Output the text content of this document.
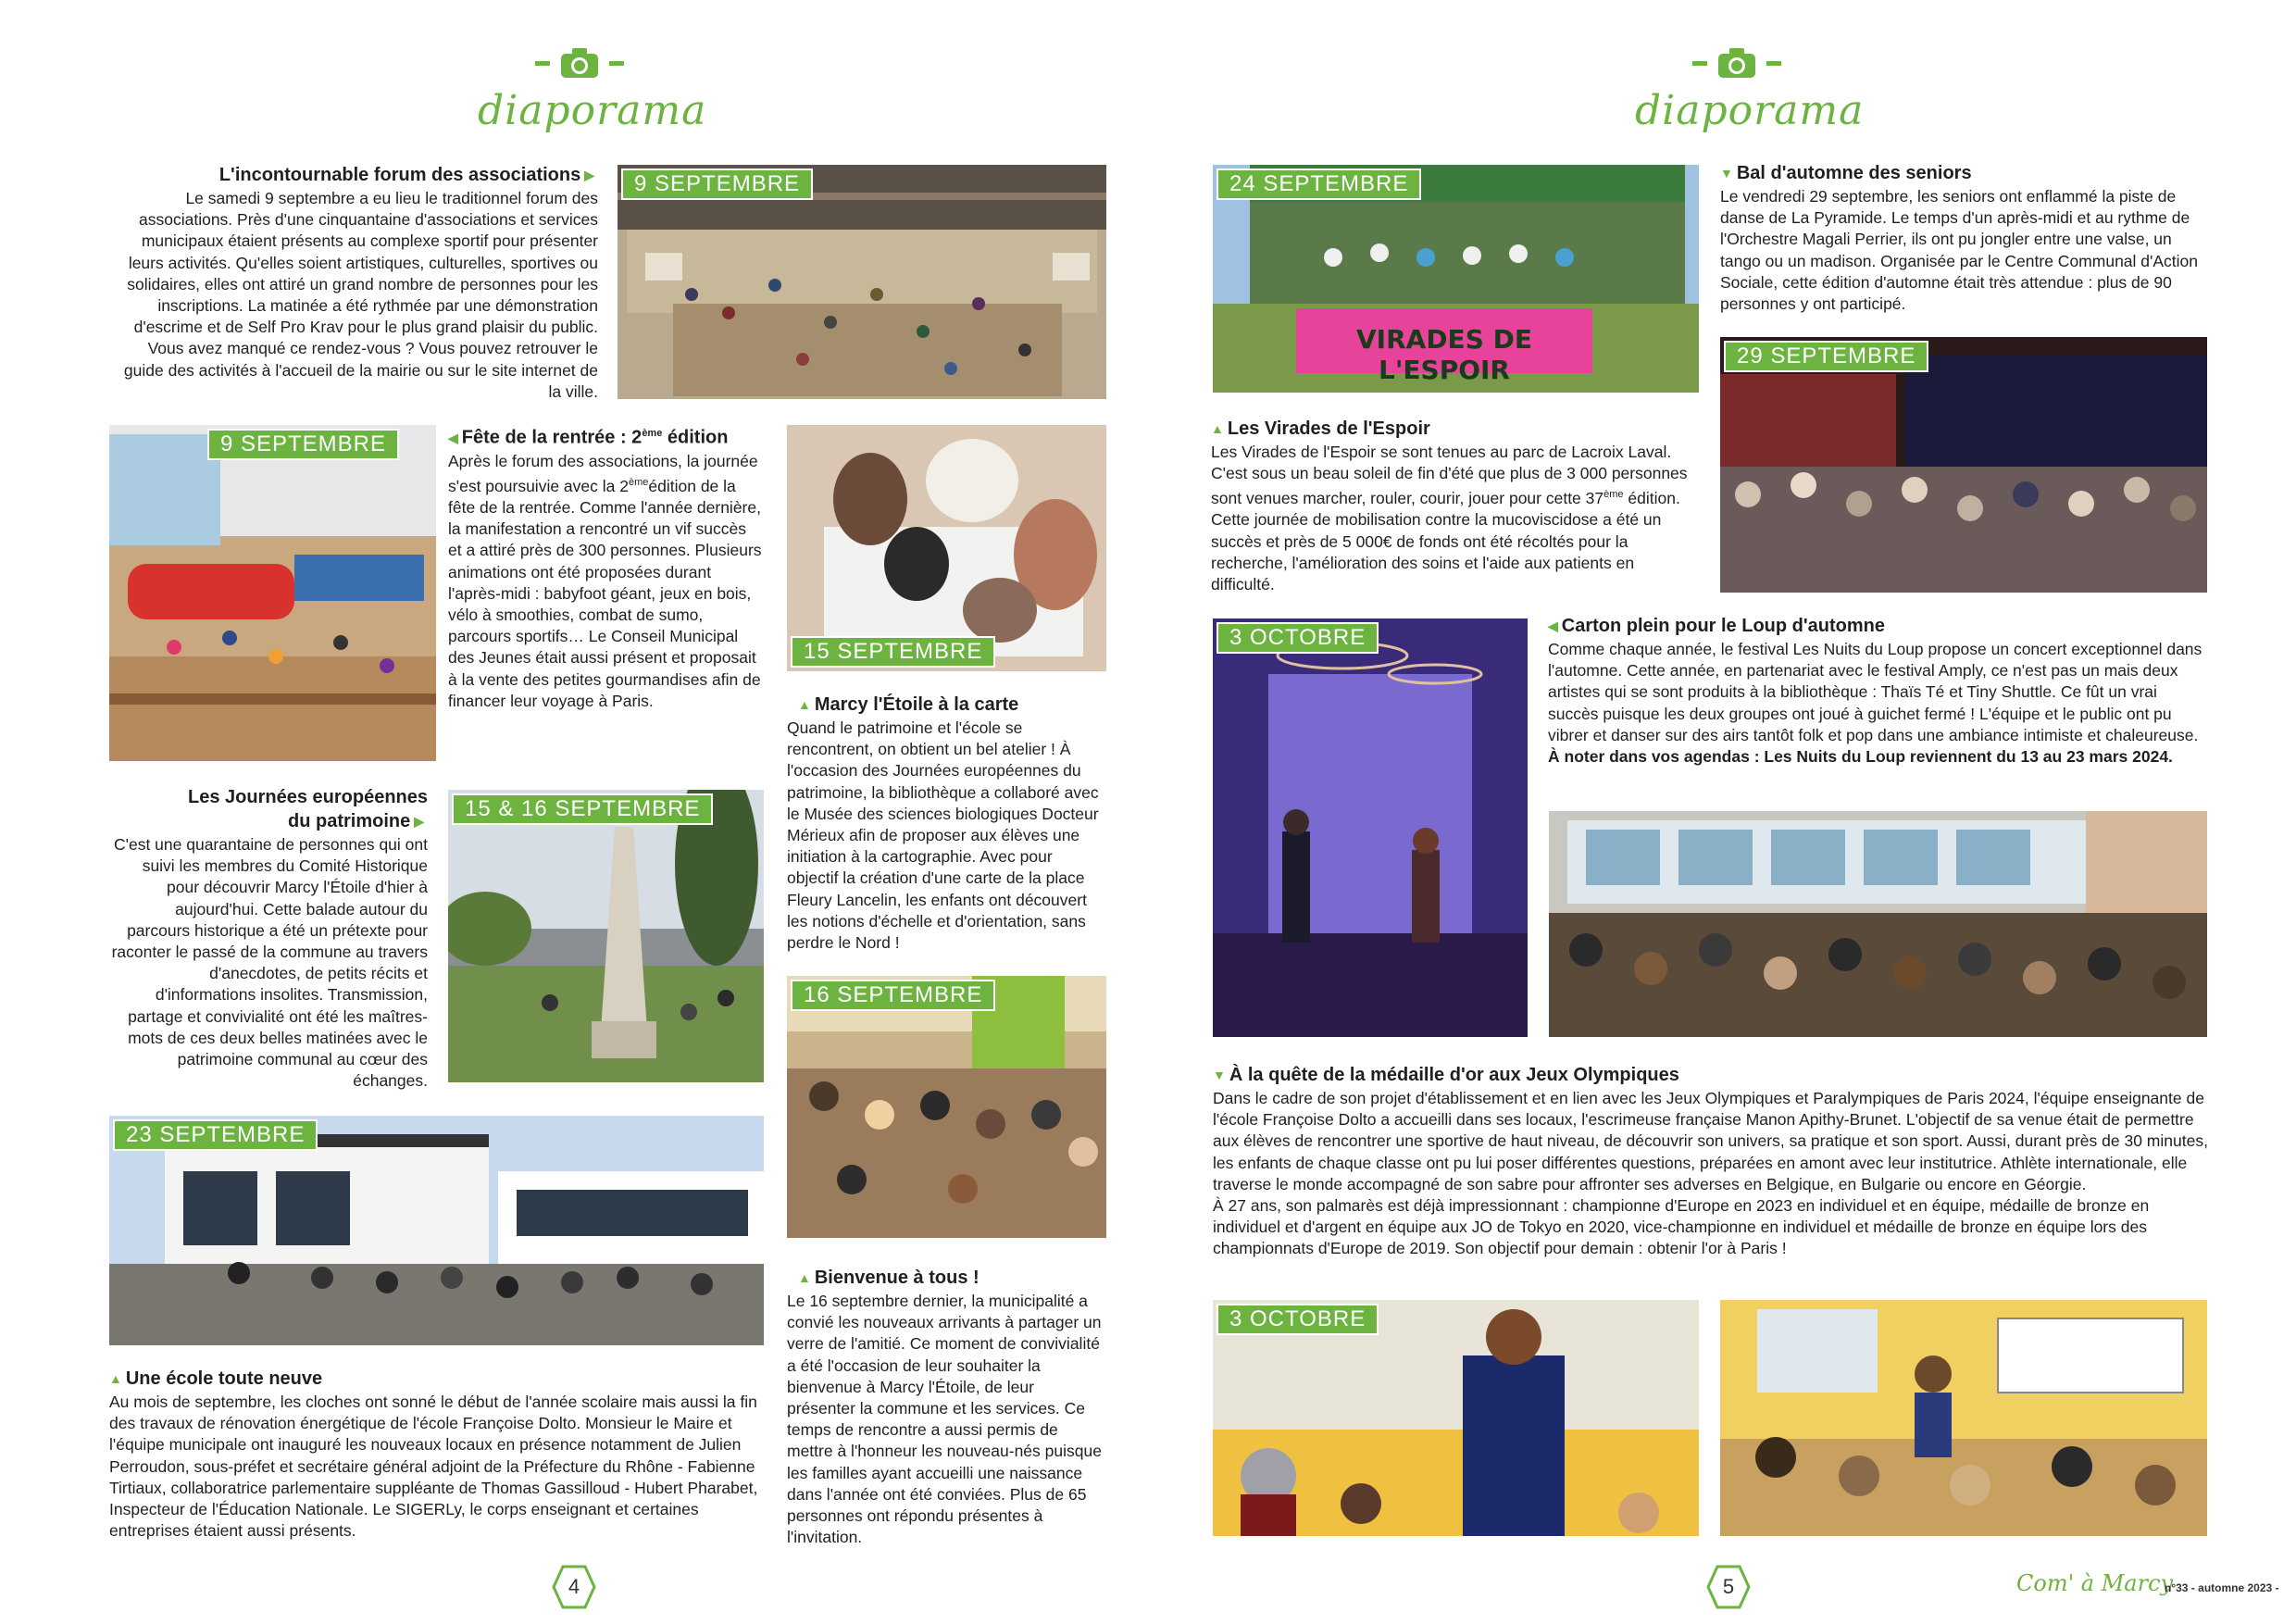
diaporama
L'incontournable forum des associations ▶
Le samedi 9 septembre a eu lieu le traditionnel forum des associations. Près d'une cinquantaine d'associations et services municipaux étaient présents au complexe sportif pour présenter leurs activités. Qu'elles soient artistiques, culturelles, sportives ou solidaires, elles ont attiré un grand nombre de personnes pour les inscriptions. La matinée a été rythmée par une démonstration d'escrime et de Self Pro Krav pour le plus grand plaisir du public. Vous avez manqué ce rendez-vous ? Vous pouvez retrouver le guide des activités à l'accueil de la mairie ou sur le site internet de la ville.
9 SEPTEMBRE
9 SEPTEMBRE	◀ Fête de la rentrée : 2ème édition
Après le forum des associations, la journée s'est poursuivie avec la 2èmeédition de la fête de la rentrée. Comme l'année dernière, la manifestation a rencontré un vif succès et a attiré près de 300 personnes. Plusieurs animations ont été proposées durant l'après-midi : babyfoot géant, jeux en bois, vélo à smoothies, combat de sumo, parcours sportifs… Le Conseil Municipal des Jeunes était aussi présent et proposait à la vente des petites gourmandises afin de financer leur voyage à Paris.
15 SEPTEMBRE
▲ Marcy l'Étoile à la carte
Quand le patrimoine et l'école se rencontrent, on obtient un bel atelier ! À l'occasion des Journées européennes du patrimoine, la bibliothèque a collaboré avec le Musée des sciences biologiques Docteur Mérieux afin de proposer aux élèves une initiation à la cartographie. Avec pour objectif la création d'une carte de la place Fleury Lancelin, les enfants ont découvert les notions d'échelle et d'orientation, sans perdre le Nord !
Les Journées européennes
du patrimoine ▶
C'est une quarantaine de personnes qui ont suivi les membres du Comité Historique pour découvrir Marcy l'Étoile d'hier à aujourd'hui. Cette balade autour du parcours historique a été un prétexte pour raconter le passé de la commune au travers d'anecdotes, de petits récits et d'informations insolites. Transmission, partage et convivialité ont été les maîtres-mots de ces deux belles matinées avec le patrimoine communal au cœur des échanges.
15 & 16 SEPTEMBRE
16 SEPTEMBRE
▲ Bienvenue à tous !
Le 16 septembre dernier, la municipalité a convié les nouveaux arrivants à partager un verre de l'amitié. Ce moment de convivialité a été l'occasion de leur souhaiter la bienvenue à Marcy l'Étoile, de leur présenter la commune et les services. Ce temps de rencontre a aussi permis de mettre à l'honneur les nouveau-nés puisque les familles ayant accueilli une naissance dans l'année ont été conviées. Plus de 65 personnes ont répondu présentes à l'invitation.
23 SEPTEMBRE
▲ Une école toute neuve
Au mois de septembre, les cloches ont sonné le début de l'année scolaire mais aussi la fin des travaux de rénovation énergétique de l'école Françoise Dolto. Monsieur le Maire et l'équipe municipale ont inauguré les nouveaux locaux en présence notamment de Julien Perroudon, sous-préfet et secrétaire général adjoint de la Préfecture du Rhône - Fabienne Tirtiaux, collaboratrice parlementaire suppléante de Thomas Gassilloud - Hubert Pharabet, Inspecteur de l'Éducation Nationale. Le SIGERLy, le corps enseignant et certaines entreprises étaient aussi présents.
4
diaporama
VIRADES DE L'ESPOIR
24 SEPTEMBRE	▼ Bal d'automne des seniors
Le vendredi 29 septembre, les seniors ont enflammé la piste de danse de La Pyramide. Le temps d'un après-midi et au rythme de l'Orchestre Magali Perrier, ils ont pu jongler entre une valse, un tango ou un madison. Organisée par le Centre Communal d'Action Sociale, cette édition d'automne était très attendue : plus de 90 personnes y ont participé.
29 SEPTEMBRE
▲ Les Virades de l'Espoir
Les Virades de l'Espoir se sont tenues au parc de Lacroix Laval. C'est sous un beau soleil de fin d'été que plus de 3 000 personnes sont venues marcher, rouler, courir, jouer pour cette 37ème édition. Cette journée de mobilisation contre la mucoviscidose a été un succès et près de 5 000€ de fonds ont été récoltés pour la recherche, l'amélioration des soins et l'aide aux patients en difficulté.
3 OCTOBRE	◀ Carton plein pour le Loup d'automne
Comme chaque année, le festival Les Nuits du Loup propose un concert exceptionnel dans l'automne. Cette année, en partenariat avec le festival Amply, ce n'est pas un mais deux artistes qui se sont produits à la bibliothèque : Thaïs Té et Tiny Shuttle. Ce fût un vrai succès puisque les deux groupes ont joué à guichet fermé ! L'équipe et le public ont pu vibrer et danser sur des airs tantôt folk et pop dans une ambiance intimiste et chaleureuse.
À noter dans vos agendas : Les Nuits du Loup reviennent du 13 au 23 mars 2024.
▼ À la quête de la médaille d'or aux Jeux Olympiques
Dans le cadre de son projet d'établissement et en lien avec les Jeux Olympiques et Paralympiques de Paris 2024, l'équipe enseignante de l'école Françoise Dolto a accueilli dans ses locaux, l'escrimeuse française Manon Apithy-Brunet. L'objectif de sa venue était de permettre aux élèves de rencontrer une sportive de haut niveau, de découvrir son univers, sa pratique et son sport. Aussi, durant près de 30 minutes, les enfants de chaque classe ont pu lui poser différentes questions, préparées en amont avec leur institutrice. Athlète internationale, elle traverse le monde accompagné de son sabre pour affronter ses adverses en Belgique, en Bulgarie ou encore en Géorgie.
À 27 ans, son palmarès est déjà impressionnant : championne d'Europe en 2023 en individuel et en équipe, médaille de bronze en individuel et d'argent en équipe aux JO de Tokyo en 2020, vice-championne en individuel et médaille de bronze en équipe lors des championnats d'Europe de 2019. Son objectif pour demain : obtenir l'or à Paris !
3 OCTOBRE
5	Com' à Marcy
n°33 - automne 2023 -
